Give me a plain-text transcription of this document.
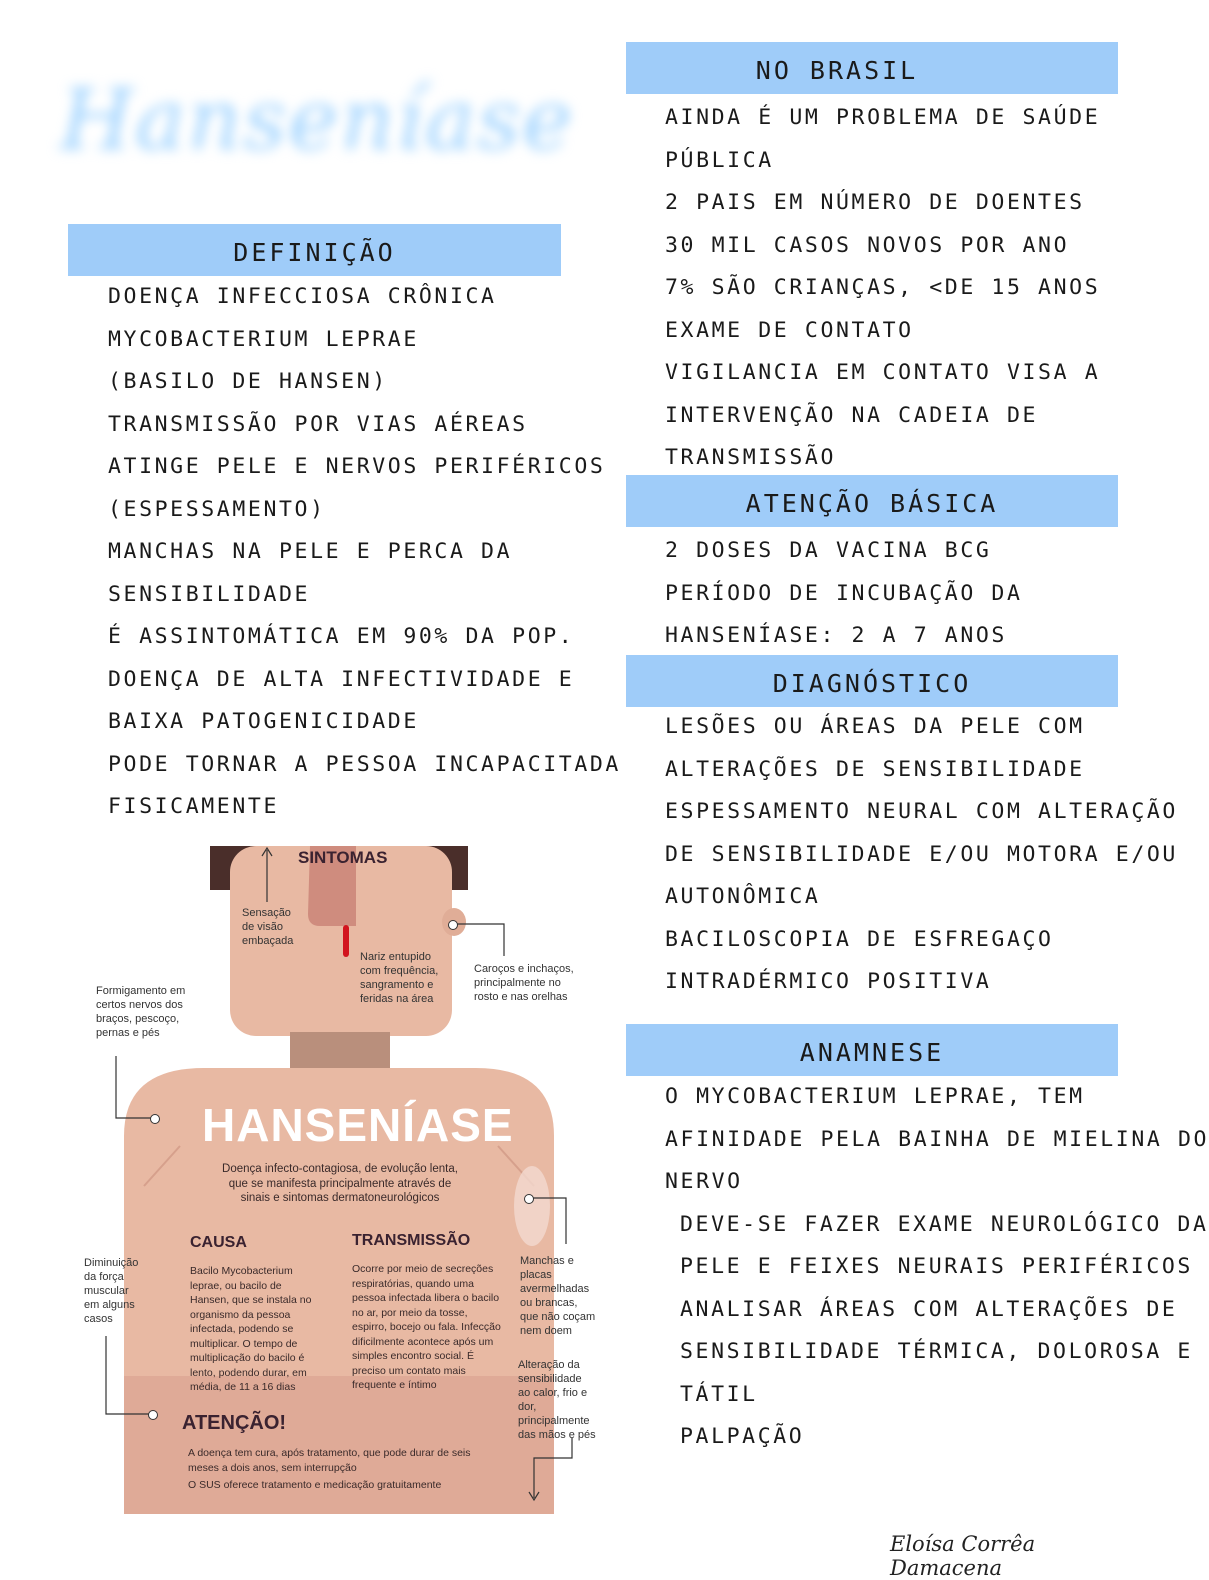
Hanseníase
DEFINIÇÃO
DOENÇA INFECCIOSA CRÔNICA
MYCOBACTERIUM LEPRAE
(BASILO DE HANSEN)
TRANSMISSÃO POR VIAS AÉREAS
ATINGE PELE E NERVOS PERIFÉRICOS
(ESPESSAMENTO)
MANCHAS NA PELE E PERCA DA
SENSIBILIDADE
É ASSINTOMÁTICA EM 90% DA POP.
DOENÇA DE ALTA INFECTIVIDADE E
BAIXA PATOGENICIDADE
PODE TORNAR A PESSOA INCAPACITADA
FISICAMENTE
NO BRASIL
AINDA É UM PROBLEMA DE SAÚDE
PÚBLICA
2 PAIS EM NÚMERO DE DOENTES
30 MIL CASOS NOVOS POR ANO
7% SÃO CRIANÇAS, <DE 15 ANOS
EXAME DE CONTATO
VIGILANCIA EM CONTATO VISA A
INTERVENÇÃO NA CADEIA DE
TRANSMISSÃO
ATENÇÃO BÁSICA
2 DOSES DA VACINA BCG
PERÍODO DE INCUBAÇÃO DA
HANSENÍASE: 2 A 7 ANOS
DIAGNÓSTICO
LESÕES OU ÁREAS DA PELE COM
ALTERAÇÕES DE SENSIBILIDADE
ESPESSAMENTO NEURAL COM ALTERAÇÃO
DE SENSIBILIDADE E/OU MOTORA E/OU
AUTONÔMICA
BACILOSCOPIA DE ESFREGAÇO
INTRADÉRMICO POSITIVA
ANAMNESE
O MYCOBACTERIUM LEPRAE, TEM
AFINIDADE PELA BAINHA DE MIELINA DO
NERVO
DEVE-SE FAZER EXAME NEUROLÓGICO DA
PELE E FEIXES NEURAIS PERIFÉRICOS
ANALISAR ÁREAS COM ALTERAÇÕES DE
SENSIBILIDADE TÉRMICA, DOLOROSA E
TÁTIL
PALPAÇÃO
SINTOMAS
Sensação de visão embaçada
Nariz entupido com frequência, sangramento e feridas na área
Caroços e inchaços, principalmente no rosto e nas orelhas
Formigamento em certos nervos dos braços, pescoço, pernas e pés
HANSENÍASE
Doença infecto-contagiosa, de evolução lenta, que se manifesta principalmente através de sinais e sintomas dermatoneurológicos
CAUSA
Bacilo Mycobacterium leprae, ou bacilo de Hansen, que se instala no organismo da pessoa infectada, podendo se multiplicar. O tempo de multiplicação do bacilo é lento, podendo durar, em média, de 11 a 16 dias
TRANSMISSÃO
Ocorre por meio de secreções respiratórias, quando uma pessoa infectada libera o bacilo no ar, por meio da tosse, espirro, bocejo ou fala. Infecção dificilmente acontece após um simples encontro social. É preciso um contato mais frequente e íntimo
Diminuição da força muscular em alguns casos
Manchas e placas avermelhadas ou brancas, que não coçam nem doem
Alteração da sensibilidade ao calor, frio e dor, principalmente das mãos e pés
ATENÇÃO!
A doença tem cura, após tratamento, que pode durar de seis meses a dois anos, sem interrupção
O SUS oferece tratamento e medicação gratuitamente
Eloísa Corrêa Damacena
